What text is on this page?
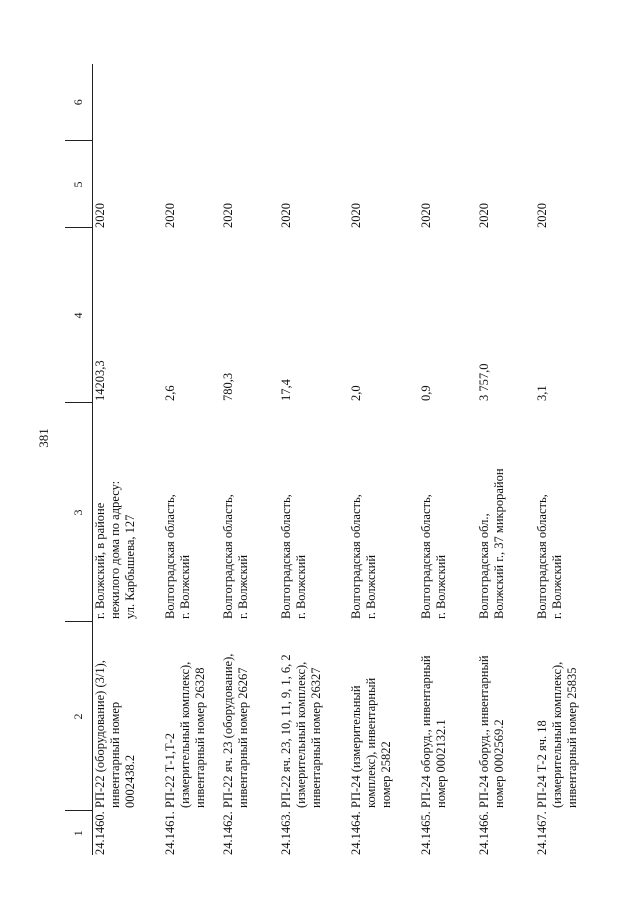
381
1	2	3	4	5	6
24.1460.	РП-22 (оборудование) (3/1), инвентарный номер 0002438.2	г. Волжский, в районе нежилого дома по адресу: ул. Карбышева, 127	14203,3	2020	
24.1461.	РП-22 Т-1,Т-2 (измерительный комплекс), инвентарный номер 26328	Волгоградская область, г. Волжский	2,6	2020	
24.1462.	РП-22 яч. 23 (оборудование), инвентарный номер 26267	Волгоградская область, г. Волжский	780,3	2020	
24.1463.	РП-22 яч. 23, 10, 11, 9, 1, 6, 2 (измерительный комплекс), инвентарный номер 26327	Волгоградская область, г. Волжский	17,4	2020	
24.1464.	РП-24 (измерительный комплекс), инвентарный номер 25822	Волгоградская область, г. Волжский	2,0	2020	
24.1465.	РП-24 оборуд., инвентарный номер 0002132.1	Волгоградская область, г. Волжский	0,9	2020	
24.1466.	РП-24 оборуд., инвентарный номер 0002569.2	Волгоградская обл., Волжский г., 37 микрорайон	3 757,0	2020	
24.1467.	РП-24 Т-2 яч. 18 (измерительный комплекс), инвентарный номер 25835	Волгоградская область, г. Волжский	3,1	2020	
